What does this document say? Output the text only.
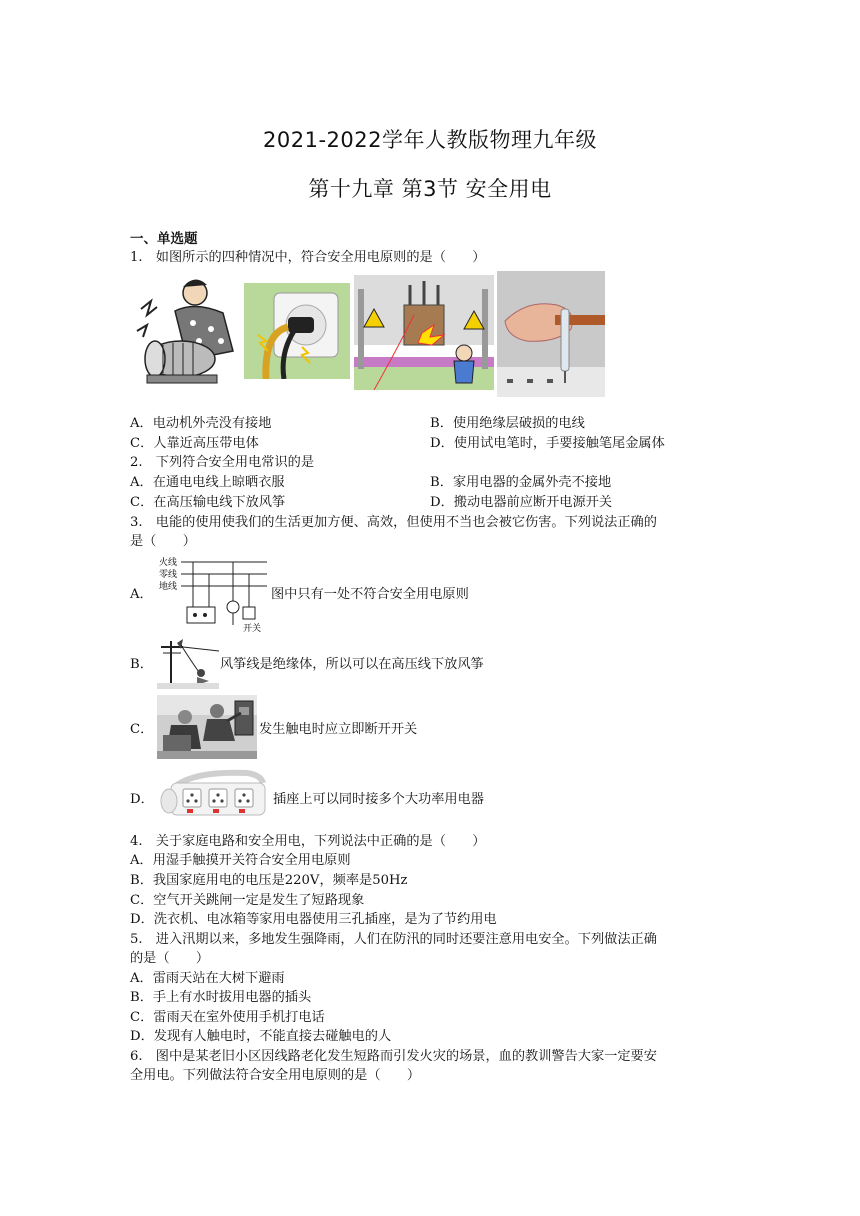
2021-2022学年人教版物理九年级
第十九章 第3节 安全用电
一、单选题
1.　如图所示的四种情况中，符合安全用电原则的是（　　）
A．电动机外壳没有接地	B．使用绝缘层破损的电线
C．人靠近高压带电体	D．使用试电笔时，手要接触笔尾金属体
2.　下列符合安全用电常识的是
A．在通电电线上晾晒衣服	B．家用电器的金属外壳不接地
C．在高压输电线下放风筝	D．搬动电器前应断开电源开关
3.　电能的使用使我们的生活更加方便、高效，但使用不当也会被它伤害。下列说法正确的
是（　　）
A．
火线
零线
地线
开关
图中只有一处不符合安全用电原则
B．	风筝线是绝缘体，所以可以在高压线下放风筝
C．	发生触电时应立即断开开关
D．	插座上可以同时接多个大功率用电器
4.　关于家庭电路和安全用电，下列说法中正确的是（　　）
A．用湿手触摸开关符合安全用电原则
B．我国家庭用电的电压是220V，频率是50Hz
C．空气开关跳闸一定是发生了短路现象
D．洗衣机、电冰箱等家用电器使用三孔插座，是为了节约用电
5.　进入汛期以来，多地发生强降雨，人们在防汛的同时还要注意用电安全。下列做法正确
的是（　　）
A．雷雨天站在大树下避雨
B．手上有水时拔用电器的插头
C．雷雨天在室外使用手机打电话
D．发现有人触电时，不能直接去碰触电的人
6.　图中是某老旧小区因线路老化发生短路而引发火灾的场景，血的教训警告大家一定要安
全用电。下列做法符合安全用电原则的是（　　）
